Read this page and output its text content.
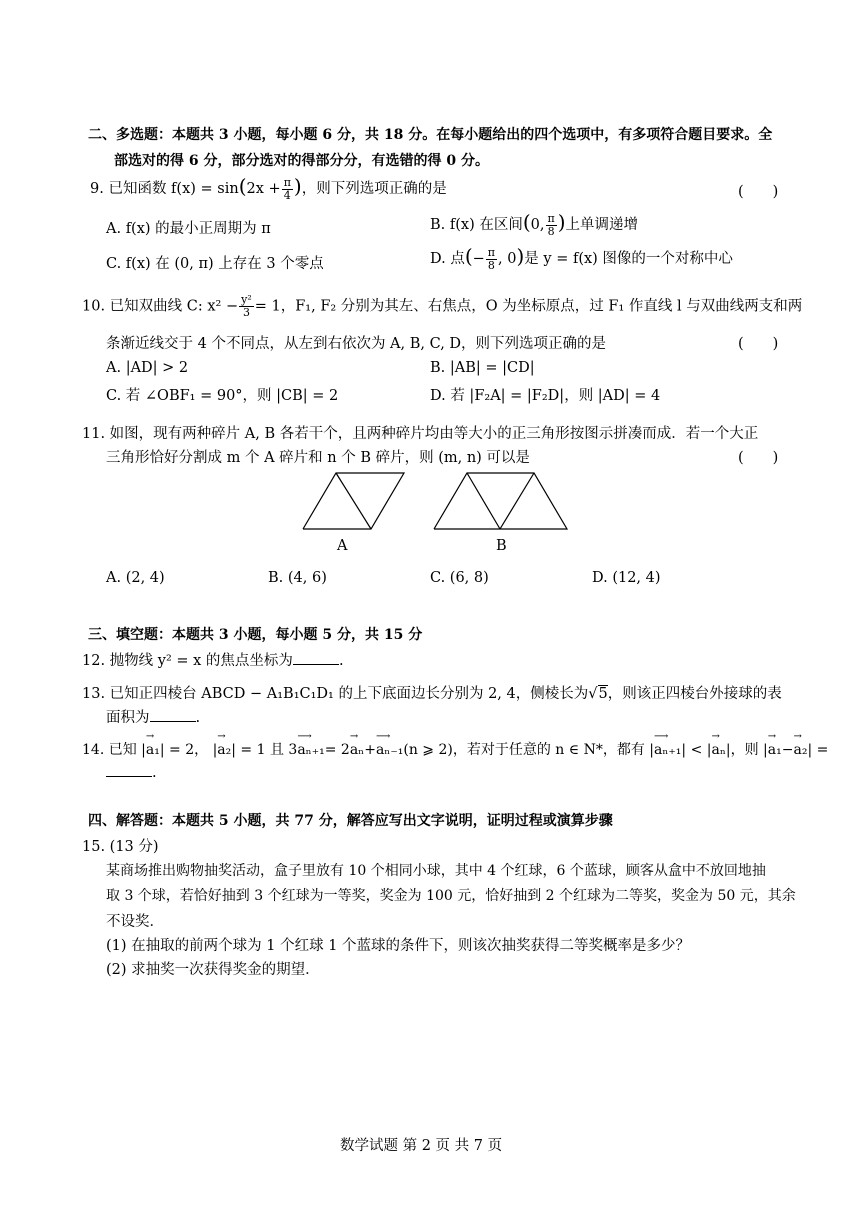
二、多选题：本题共 3 小题，每小题 6 分，共 18 分。在每小题给出的四个选项中，有多项符合题目要求。全
部选对的得 6 分，部分选对的得部分分，有选错的得 0 分。
9. 已知函数 $f(x) = \sin(2x + \frac{\pi}{4}$ )，则下列选项正确的是	(　　)
A. f(x) 的最小正周期为 π	B. f(x) 在区间(0, $\frac{\pi}{8}$ )上单调递增
C. f(x) 在 (0, π) 上存在 3 个零点	D. 点(− $\frac{\pi}{8}$ , 0)是 y = f(x) 图像的一个对称中心
10. 已知双曲线 C: $x^2 - \frac{\text{y²}}{3} = 1$，F₁, F₂ 分别为其左、右焦点，O 为坐标原点，过 F₁ 作直线 l 与双曲线两支和两
条渐近线交于 4 个不同点，从左到右依次为 A, B, C, D，则下列选项正确的是	(　　)
A. |AD| > 2	B. |AB| = |CD|
C. 若 ∠OBF₁ = 90°，则 |CB| = 2	D. 若 |F₂A| = |F₂D|，则 |AD| = 4
11. 如图，现有两种碎片 A, B 各若干个，且两种碎片均由等大小的正三角形按图示拼凑而成．若一个大正
三角形恰好分割成 m 个 A 碎片和 n 个 B 碎片，则 (m, n) 可以是	(　　)
A	B
A. (2, 4)	B. (4, 6)	C. (6, 8)	D. (12, 4)
三、填空题：本题共 3 小题，每小题 5 分，共 15 分
12. 抛物线 y² = x 的焦点坐标为	.
13. 已知正四棱台 ABCD − A₁B₁C₁D₁ 的上下底面边长分别为 2, 4，侧棱长为√5，则该正四棱台外接球的表
面积为	.
14. 已知 |→ a₁| = 2， |→ a₂| = 1 且 3⟶ aₙ₊₁= 2→ aₙ+⟶ aₙ₋₁(n ⩾ 2)，若对于任意的 n ∈ N*，都有 |⟶ aₙ₊₁| < |→ aₙ|，则 |→ a₁−→ a₂| =
.
四、解答题：本题共 5 小题，共 77 分，解答应写出文字说明，证明过程或演算步骤
15. (13 分)
某商场推出购物抽奖活动，盒子里放有 10 个相同小球，其中 4 个红球，6 个蓝球，顾客从盒中不放回地抽
取 3 个球，若恰好抽到 3 个红球为一等奖，奖金为 100 元，恰好抽到 2 个红球为二等奖，奖金为 50 元，其余
不设奖．
(1) 在抽取的前两个球为 1 个红球 1 个蓝球的条件下，则该次抽奖获得二等奖概率是多少？
(2) 求抽奖一次获得奖金的期望．
数学试题 第 2 页 共 7 页
